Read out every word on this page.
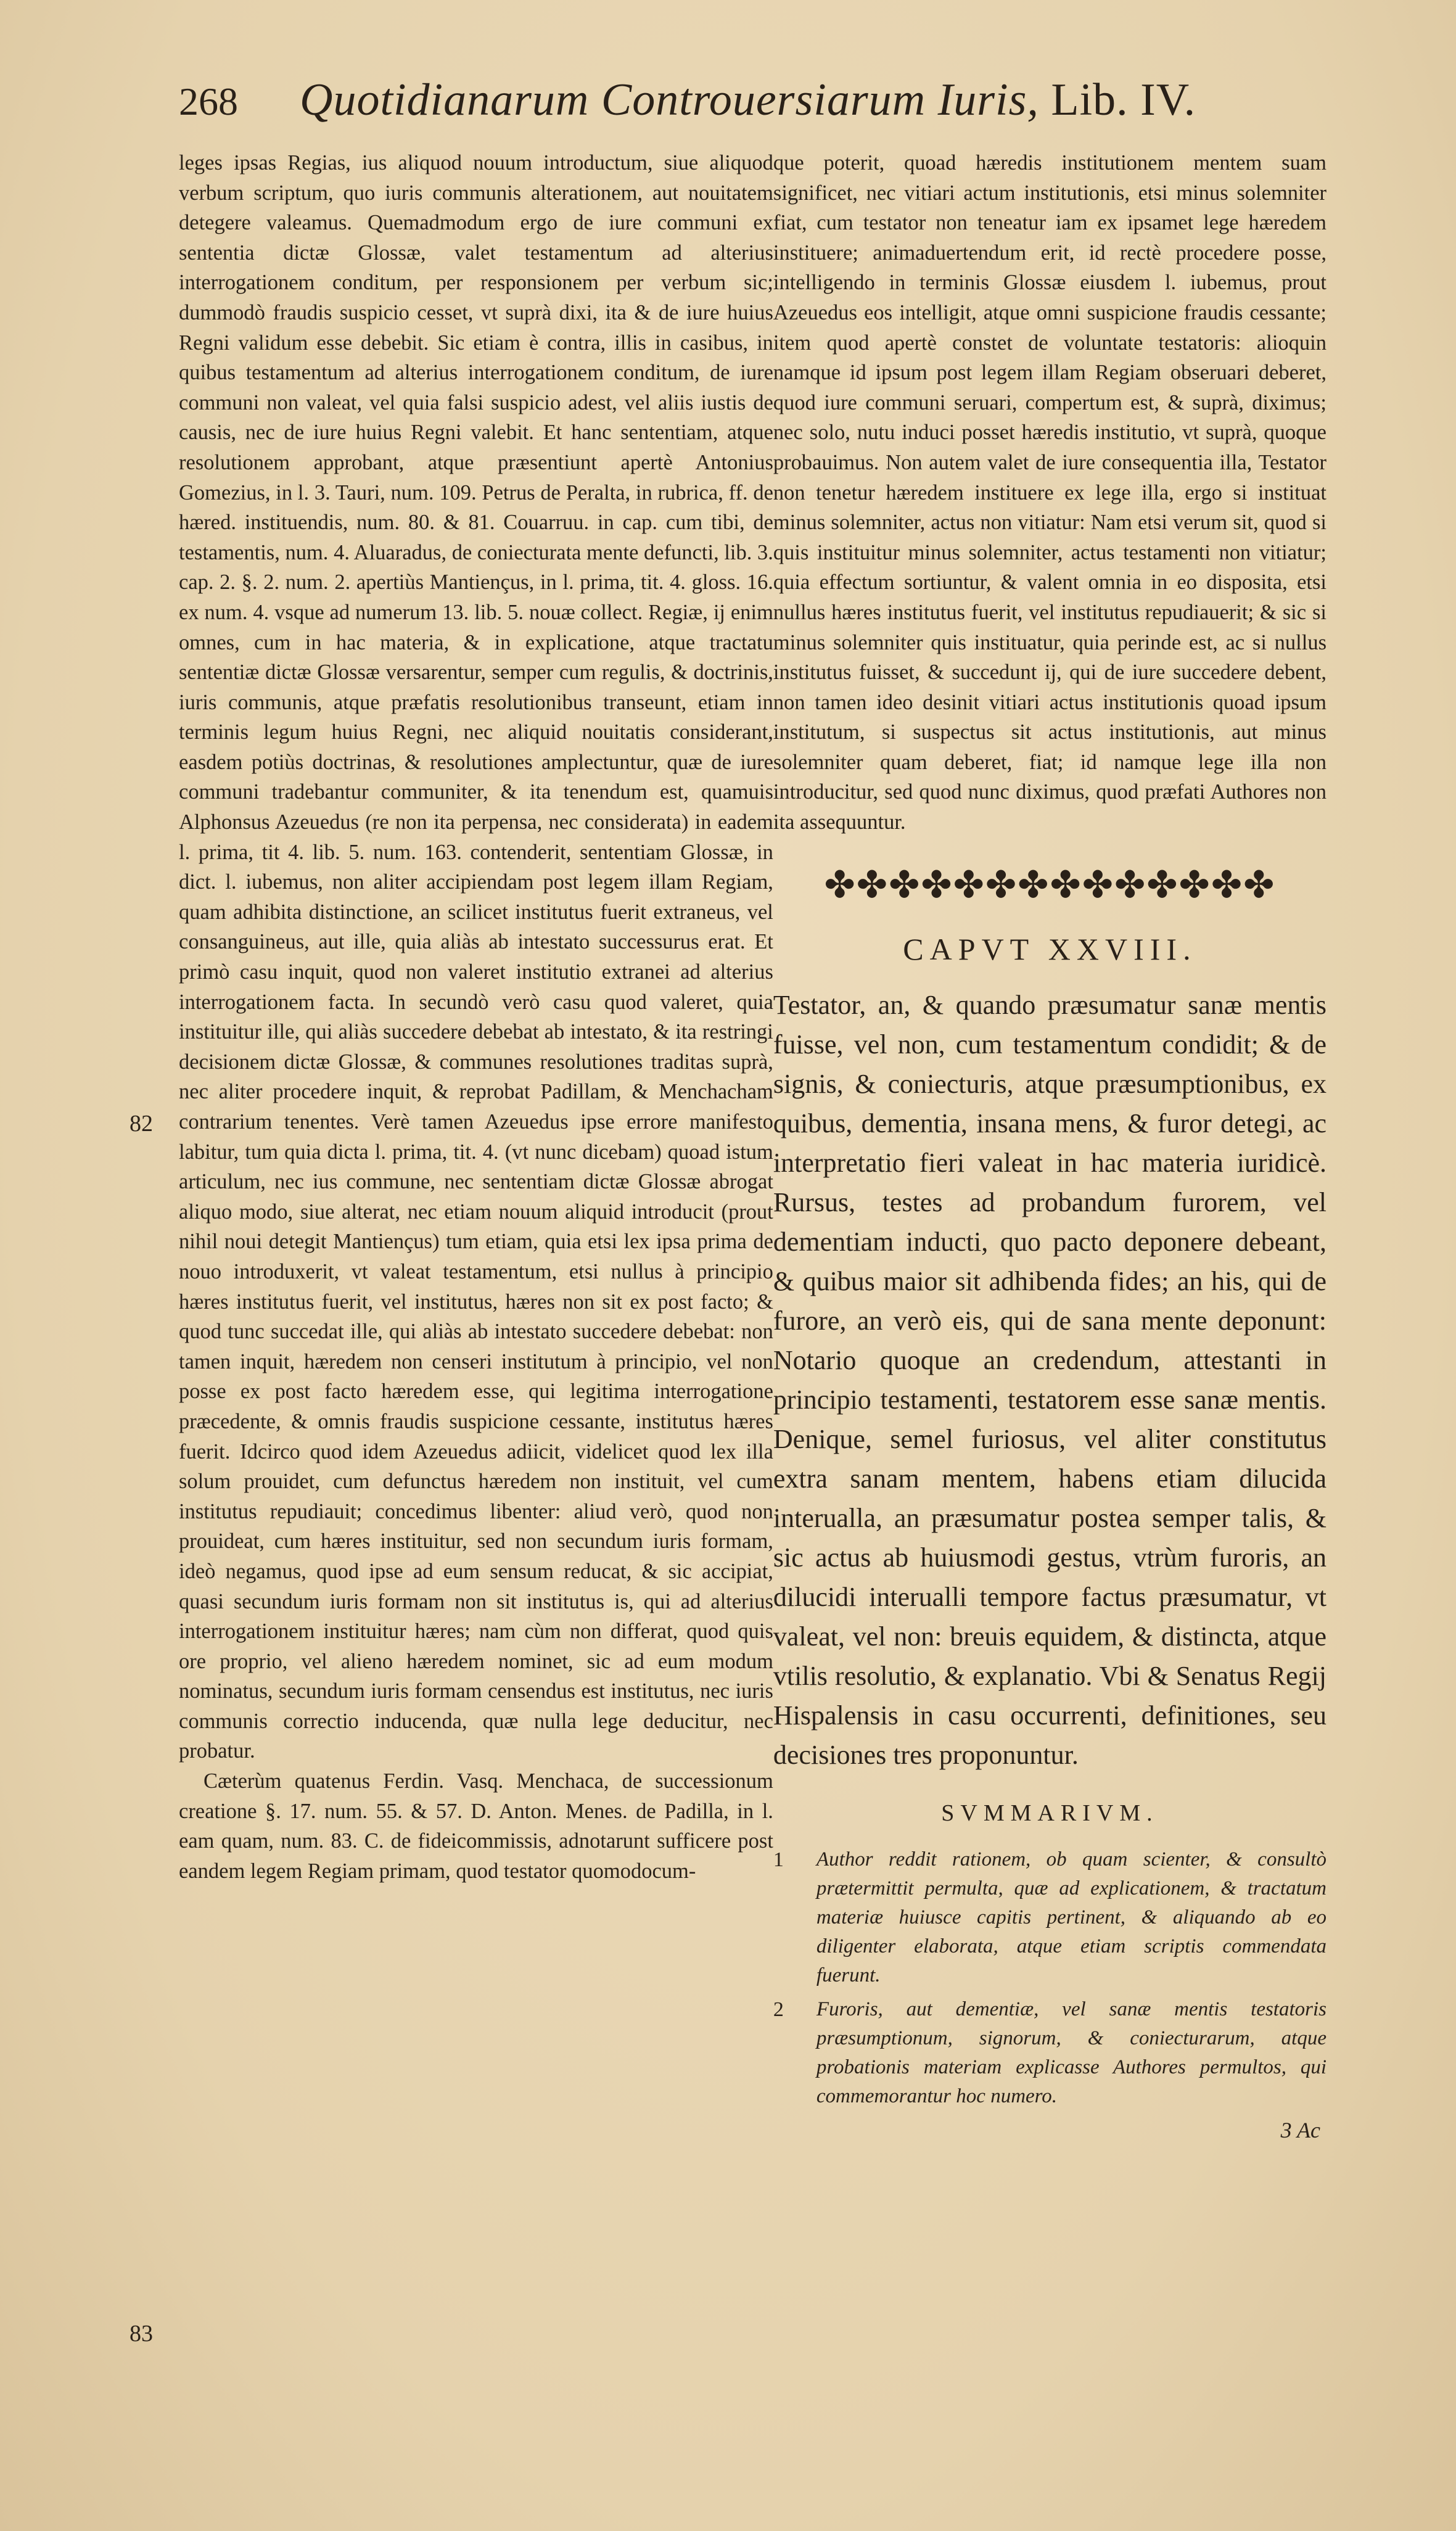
268 Quotidianarum Controuersiarum Iuris, Lib. IV.
82
83

leges ipsas Regias, ius aliquod nouum introductum, siue aliquod verbum scriptum, quo iuris communis alterationem, aut nouitatem detegere valeamus. Quemadmodum ergo de iure communi ex sententia dictæ Glossæ, valet testamentum ad alterius interrogationem conditum, per responsionem per verbum sic; dummodò fraudis suspicio cesset, vt suprà dixi, ita & de iure huius Regni validum esse debebit. Sic etiam è contra, illis in casibus, in quibus testamentum ad alterius interrogationem conditum, de iure communi non valeat, vel quia falsi suspicio adest, vel aliis iustis de causis, nec de iure huius Regni valebit. Et hanc sententiam, atque resolutionem approbant, atque præsentiunt apertè Antonius Gomezius, in l. 3. Tauri, num. 109. Petrus de Peralta, in rubrica, ff. de hæred. instituendis, num. 80. & 81. Couarruu. in cap. cum tibi, de testamentis, num. 4. Aluaradus, de coniecturata mente defuncti, lib. 3. cap. 2. §. 2. num. 2. apertiùs Mantiençus, in l. prima, tit. 4. gloss. 16. ex num. 4. vsque ad numerum 13. lib. 5. nouæ collect. Regiæ, ij enim omnes, cum in hac materia, & in explicatione, atque tractatu sententiæ dictæ Glossæ versarentur, semper cum regulis, & doctrinis, iuris communis, atque præfatis resolutionibus transeunt, etiam in terminis legum huius Regni, nec aliquid nouitatis considerant, easdem potiùs doctrinas, & resolutiones amplectuntur, quæ de iure communi tradebantur communiter, & ita tenendum est, quamuis Alphonsus Azeuedus (re non ita perpensa, nec considerata) in eadem l. prima, tit 4. lib. 5. num. 163. contenderit, sententiam Glossæ, in dict. l. iubemus, non aliter accipiendam post legem illam Regiam, quam adhibita distinctione, an scilicet institutus fuerit extraneus, vel consanguineus, aut ille, quia aliàs ab intestato successurus erat. Et primò casu inquit, quod non valeret institutio extranei ad alterius interrogationem facta. In secundò verò casu quod valeret, quia instituitur ille, qui aliàs succedere debebat ab intestato, & ita restringi decisionem dictæ Glossæ, & communes resolutiones traditas suprà, nec aliter procedere inquit, & reprobat Padillam, & Menchacham contrarium tenentes. Verè tamen Azeuedus ipse errore manifesto labitur, tum quia dicta l. prima, tit. 4. (vt nunc dicebam) quoad istum articulum, nec ius commune, nec sententiam dictæ Glossæ abrogat aliquo modo, siue alterat, nec etiam nouum aliquid introducit (prout nihil noui detegit Mantiençus) tum etiam, quia etsi lex ipsa prima de nouo introduxerit, vt valeat testamentum, etsi nullus à principio hæres institutus fuerit, vel institutus, hæres non sit ex post facto; & quod tunc succedat ille, qui aliàs ab intestato succedere debebat: non tamen inquit, hæredem non censeri institutum à principio, vel non posse ex post facto hæredem esse, qui legitima interrogatione præcedente, & omnis fraudis suspicione cessante, institutus hæres fuerit. Idcirco quod idem Azeuedus adiicit, videlicet quod lex illa solum prouidet, cum defunctus hæredem non instituit, vel cum institutus repudiauit; concedimus libenter: aliud verò, quod non prouideat, cum hæres instituitur, sed non secundum iuris formam, ideò negamus, quod ipse ad eum sensum reducat, & sic accipiat, quasi secundum iuris formam non sit institutus is, qui ad alterius interrogationem instituitur hæres; nam cùm non differat, quod quis ore proprio, vel alieno hæredem nominet, sic ad eum modum nominatus, secundum iuris formam censendus est institutus, nec iuris communis correctio inducenda, quæ nulla lege deducitur, nec probatur.

Cæterùm quatenus Ferdin. Vasq. Menchaca, de successionum creatione §. 17. num. 55. & 57. D. Anton. Menes. de Padilla, in l. eam quam, num. 83. C. de fideicommissis, adnotarunt sufficere post eandem legem Regiam primam, quod testator quomodocum-

que poterit, quoad hæredis institutionem mentem suam significet, nec vitiari actum institutionis, etsi minus solemniter fiat, cum testator non teneatur iam ex ipsamet lege hæredem instituere; animaduertendum erit, id rectè procedere posse, intelligendo in terminis Glossæ eiusdem l. iubemus, prout Azeuedus eos intelligit, atque omni suspicione fraudis cessante; item quod apertè constet de voluntate testatoris: alioquin namque id ipsum post legem illam Regiam obseruari deberet, quod iure communi seruari, compertum est, & suprà, diximus; nec solo, nutu induci posset hæredis institutio, vt suprà, quoque probauimus. Non autem valet de iure consequentia illa, Testator non tenetur hæredem instituere ex lege illa, ergo si instituat minus solemniter, actus non vitiatur: Nam etsi verum sit, quod si quis instituitur minus solemniter, actus testamenti non vitiatur; quia effectum sortiuntur, & valent omnia in eo disposita, etsi nullus hæres institutus fuerit, vel institutus repudiauerit; & sic si minus solemniter quis instituatur, quia perinde est, ac si nullus institutus fuisset, & succedunt ij, qui de iure succedere debent, non tamen ideo desinit vitiari actus institutionis quoad ipsum institutum, si suspectus sit actus institutionis, aut minus solemniter quam deberet, fiat; id namque lege illa non introducitur, sed quod nunc diximus, quod præfati Authores non ita assequuntur.

✤✤✤✤✤✤✤✤✤✤✤✤✤✤
CAPVT XXVIII.

Testator, an, & quando præsumatur sanæ mentis fuisse, vel non, cum testamentum condidit; & de signis, & coniecturis, atque præsumptionibus, ex quibus, dementia, insana mens, & furor detegi, ac interpretatio fieri valeat in hac materia iuridicè. Rursus, testes ad probandum furorem, vel dementiam inducti, quo pacto deponere debeant, & quibus maior sit adhibenda fides; an his, qui de furore, an verò eis, qui de sana mente deponunt: Notario quoque an credendum, attestanti in principio testamenti, testatorem esse sanæ mentis. Denique, semel furiosus, vel aliter constitutus extra sanam mentem, habens etiam dilucida interualla, an præsumatur postea semper talis, & sic actus ab huiusmodi gestus, vtrùm furoris, an dilucidi interualli tempore factus præsumatur, vt valeat, vel non: breuis equidem, & distincta, atque vtilis resolutio, & explanatio. Vbi & Senatus Regij Hispalensis in casu occurrenti, definitiones, seu decisiones tres proponuntur.

SVMMARIVM.
1	Author reddit rationem, ob quam scienter, & consultò prætermittit permulta, quæ ad explicationem, & tractatum materiæ huiusce capitis pertinent, & aliquando ab eo diligenter elaborata, atque etiam scriptis commendata fuerunt.
2	Furoris, aut dementiæ, vel sanæ mentis testatoris præsumptionum, signorum, & coniecturarum, atque probationis materiam explicasse Authores permultos, qui commemorantur hoc numero.
3 Ac
